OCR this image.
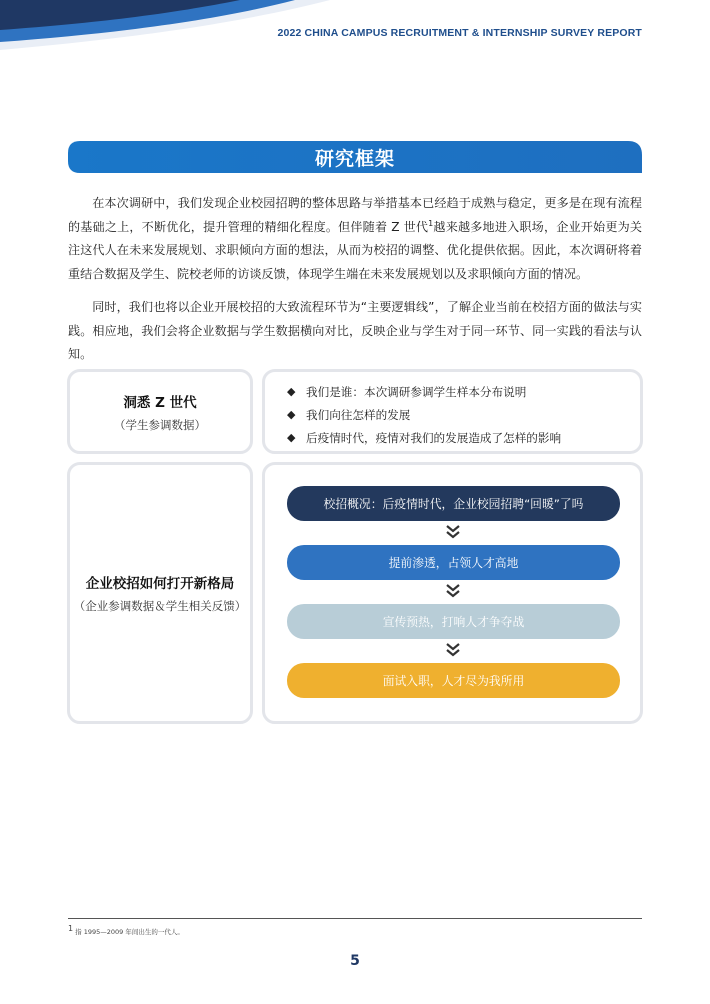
2022 CHINA CAMPUS RECRUITMENT & INTERNSHIP SURVEY REPORT
研究框架

在本次调研中，我们发现企业校园招聘的整体思路与举措基本已经趋于成熟与稳定，更多是在现有流程的基础之上，不断优化，提升管理的精细化程度。但伴随着 Z 世代$^1$越来越多地进入职场，企业开始更为关注这代人在未来发展规划、求职倾向方面的想法，从而为校招的调整、优化提供依据。因此，本次调研将着重结合数据及学生、院校老师的访谈反馈，体现学生端在未来发展规划以及求职倾向方面的情况。

同时，我们也将以企业开展校招的大致流程环节为“主要逻辑线”，了解企业当前在校招方面的做法与实践。相应地，我们会将企业数据与学生数据横向对比，反映企业与学生对于同一环节、同一实践的看法与认知。

洞悉 Z 世代
（学生参调数据）
◆ 我们是谁：本次调研参调学生样本分布说明
◆ 我们向往怎样的发展
◆ 后疫情时代，疫情对我们的发展造成了怎样的影响
企业校招如何打开新格局
（企业参调数据＆学生相关反馈）
校招概况：后疫情时代，企业校园招聘“回暖”了吗
提前渗透，占领人才高地
宣传预热，打响人才争夺战
面试入职，人才尽为我所用
$^1$ 指 1995—2009 年间出生的一代人。
5
